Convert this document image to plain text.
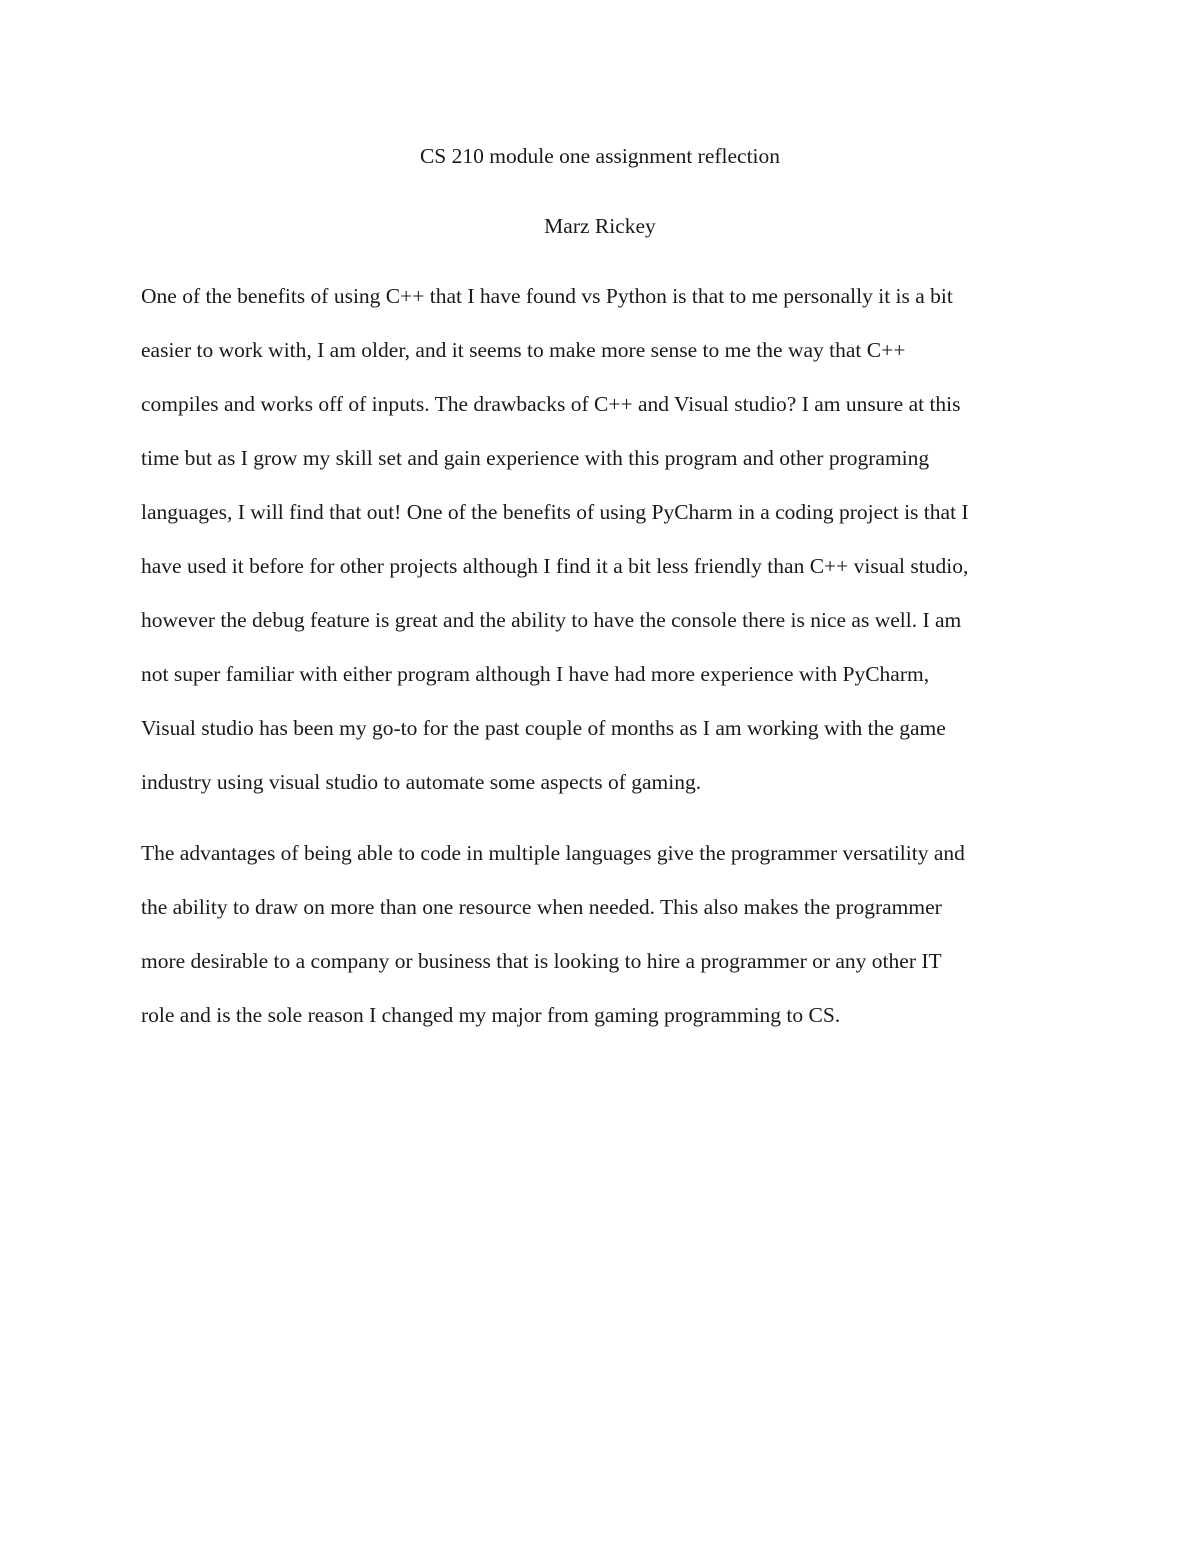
CS 210 module one assignment reflection

Marz Rickey

One of the benefits of using C++ that I have found vs Python is that to me personally it is a bit
easier to work with, I am older, and it seems to make more sense to me the way that C++
compiles and works off of inputs. The drawbacks of C++ and Visual studio? I am unsure at this
time but as I grow my skill set and gain experience with this program and other programing
languages, I will find that out! One of the benefits of using PyCharm in a coding project is that I
have used it before for other projects although I find it a bit less friendly than C++ visual studio,
however the debug feature is great and the ability to have the console there is nice as well. I am
not super familiar with either program although I have had more experience with PyCharm,
Visual studio has been my go-to for the past couple of months as I am working with the game
industry using visual studio to automate some aspects of gaming.
The advantages of being able to code in multiple languages give the programmer versatility and
the ability to draw on more than one resource when needed. This also makes the programmer
more desirable to a company or business that is looking to hire a programmer or any other IT
role and is the sole reason I changed my major from gaming programming to CS.
